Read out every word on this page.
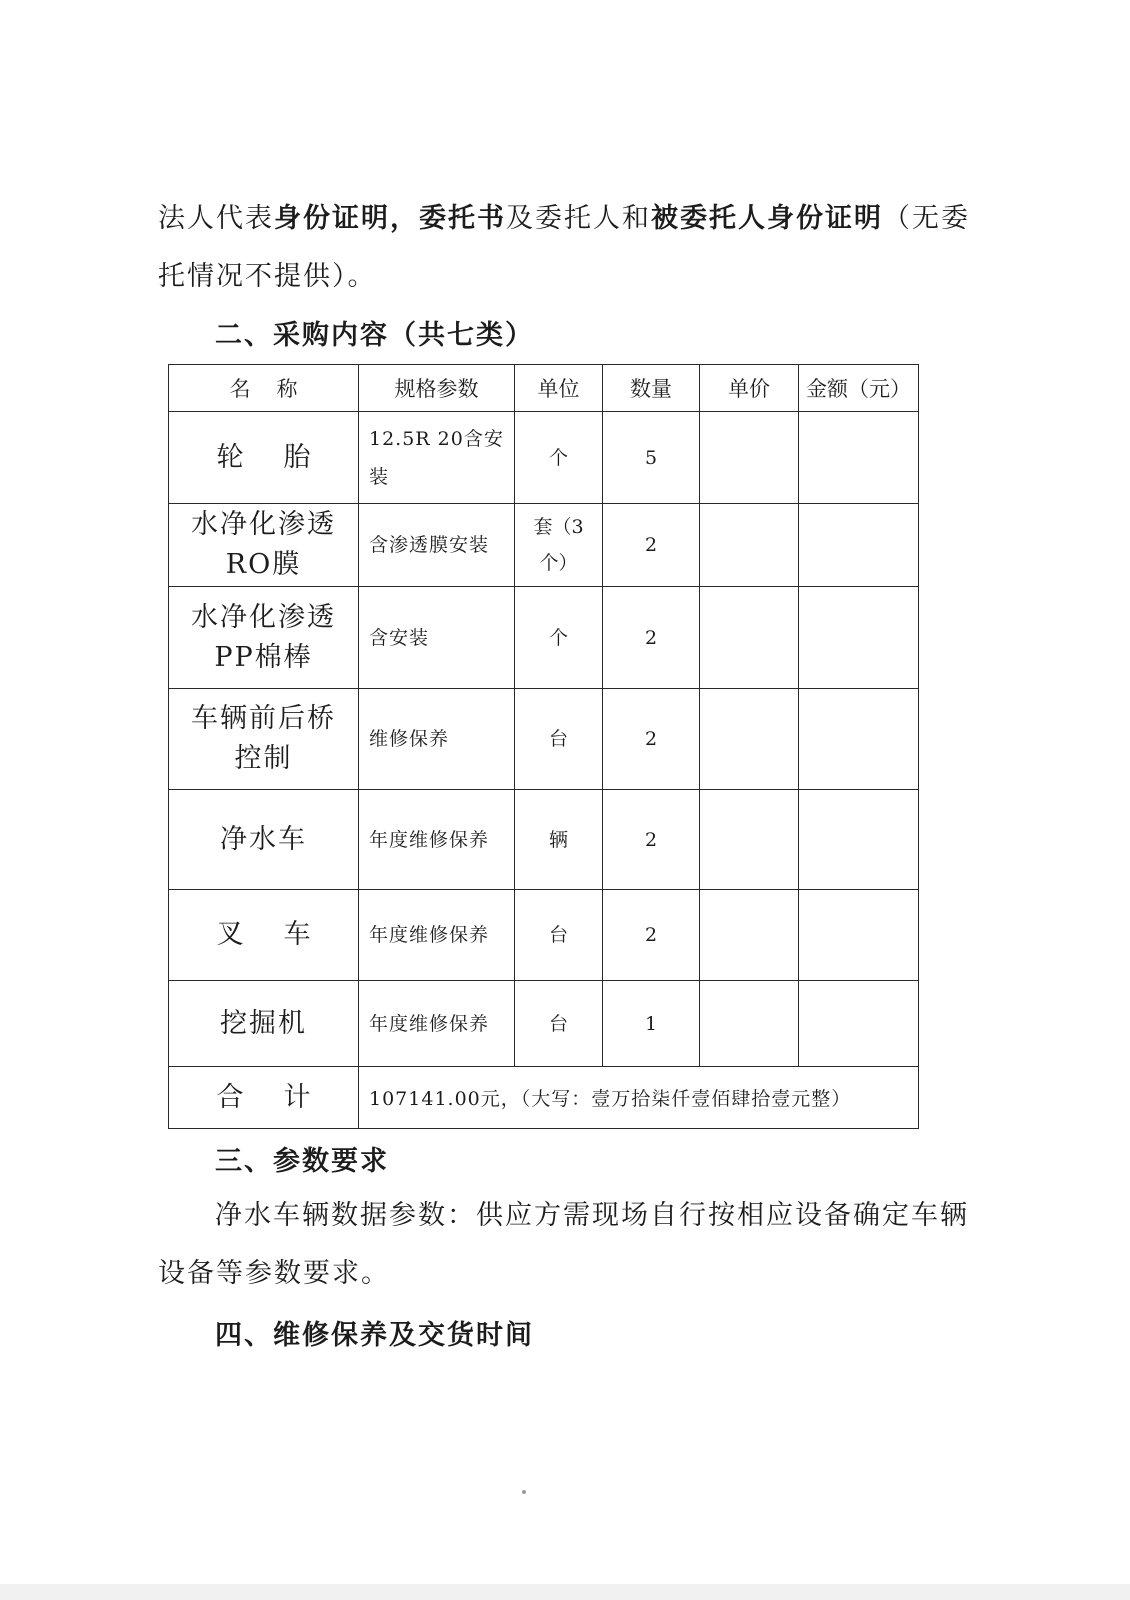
法人代表身份证明，委托书及委托人和被委托人身份证明（无委托情况不提供）。
二、采购内容（共七类）
名称	规格参数	单位	数量	单价	金额（元）
轮胎	12.5R 20含安装	个	5		
水净化渗透RO膜	含渗透膜安装	套（3个）	2		
水净化渗透PP棉棒	含安装	个	2		
车辆前后桥控制	维修保养	台	2		
净水车	年度维修保养	辆	2		
叉车	年度维修保养	台	2		
挖掘机	年度维修保养	台	1		
合计	107141.00元，（大写：壹万拾柒仟壹佰肆拾壹元整）				
三、参数要求
净水车辆数据参数：供应方需现场自行按相应设备确定车辆设备等参数要求。
四、维修保养及交货时间
